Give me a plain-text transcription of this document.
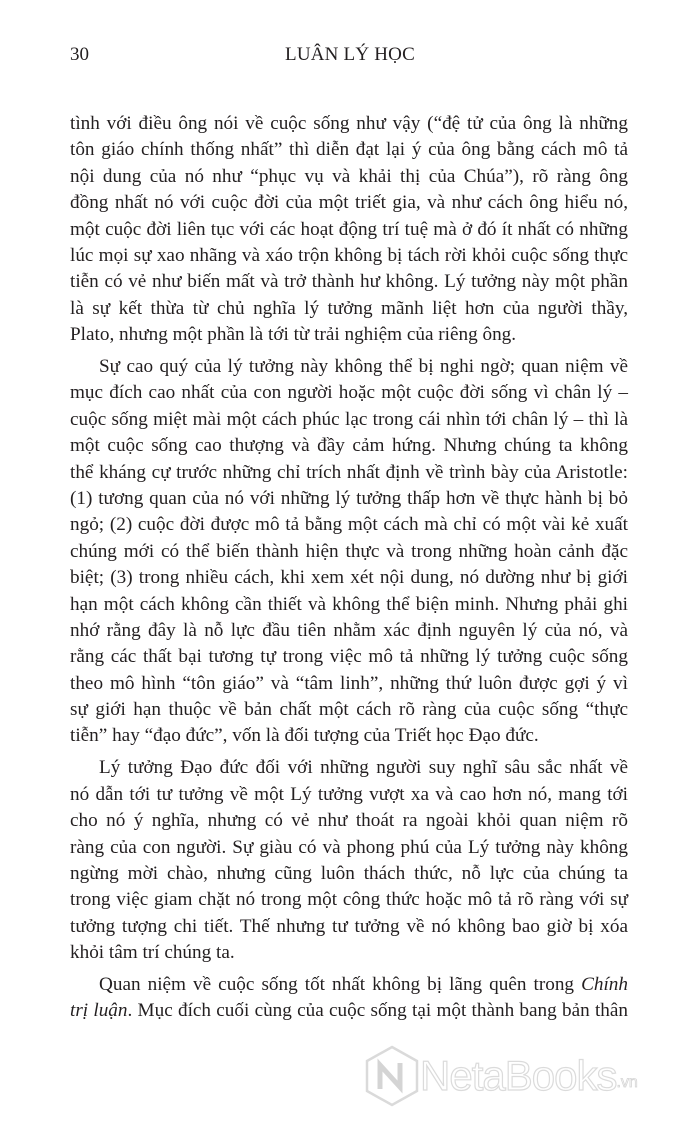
30	LUÂN LÝ HỌC
tình với điều ông nói về cuộc sống như vậy (“đệ tử của ông là những
tôn giáo chính thống nhất” thì diễn đạt lại ý của ông bằng cách mô tả
nội dung của nó như “phục vụ và khải thị của Chúa”), rõ ràng ông
đồng nhất nó với cuộc đời của một triết gia, và như cách ông hiểu nó,
một cuộc đời liên tục với các hoạt động trí tuệ mà ở đó ít nhất có những
lúc mọi sự xao nhãng và xáo trộn không bị tách rời khỏi cuộc sống thực
tiễn có vẻ như biến mất và trở thành hư không. Lý tưởng này một phần
là sự kết thừa từ chủ nghĩa lý tưởng mãnh liệt hơn của người thầy,
Plato, nhưng một phần là tới từ trải nghiệm của riêng ông.
Sự cao quý của lý tưởng này không thể bị nghi ngờ; quan niệm về
mục đích cao nhất của con người hoặc một cuộc đời sống vì chân lý –
cuộc sống miệt mài một cách phúc lạc trong cái nhìn tới chân lý – thì là
một cuộc sống cao thượng và đầy cảm hứng. Nhưng chúng ta không
thể kháng cự trước những chỉ trích nhất định về trình bày của Aristotle:
(1) tương quan của nó với những lý tưởng thấp hơn về thực hành bị bỏ
ngỏ; (2) cuộc đời được mô tả bằng một cách mà chỉ có một vài kẻ xuất
chúng mới có thể biến thành hiện thực và trong những hoàn cảnh đặc
biệt; (3) trong nhiều cách, khi xem xét nội dung, nó dường như bị giới
hạn một cách không cần thiết và không thể biện minh. Nhưng phải ghi
nhớ rằng đây là nỗ lực đầu tiên nhằm xác định nguyên lý của nó, và
rằng các thất bại tương tự trong việc mô tả những lý tưởng cuộc sống
theo mô hình “tôn giáo” và “tâm linh”, những thứ luôn được gợi ý vì
sự giới hạn thuộc về bản chất một cách rõ ràng của cuộc sống “thực
tiễn” hay “đạo đức”, vốn là đối tượng của Triết học Đạo đức.
Lý tưởng Đạo đức đối với những người suy nghĩ sâu sắc nhất về
nó dẫn tới tư tưởng về một Lý tưởng vượt xa và cao hơn nó, mang tới
cho nó ý nghĩa, nhưng có vẻ như thoát ra ngoài khỏi quan niệm rõ
ràng của con người. Sự giàu có và phong phú của Lý tưởng này không
ngừng mời chào, nhưng cũng luôn thách thức, nỗ lực của chúng ta
trong việc giam chặt nó trong một công thức hoặc mô tả rõ ràng với sự
tưởng tượng chi tiết. Thế nhưng tư tưởng về nó không bao giờ bị xóa
khỏi tâm trí chúng ta.
Quan niệm về cuộc sống tốt nhất không bị lãng quên trong Chính
trị luận. Mục đích cuối cùng của cuộc sống tại một thành bang bản thân
NetaBooks .vn
